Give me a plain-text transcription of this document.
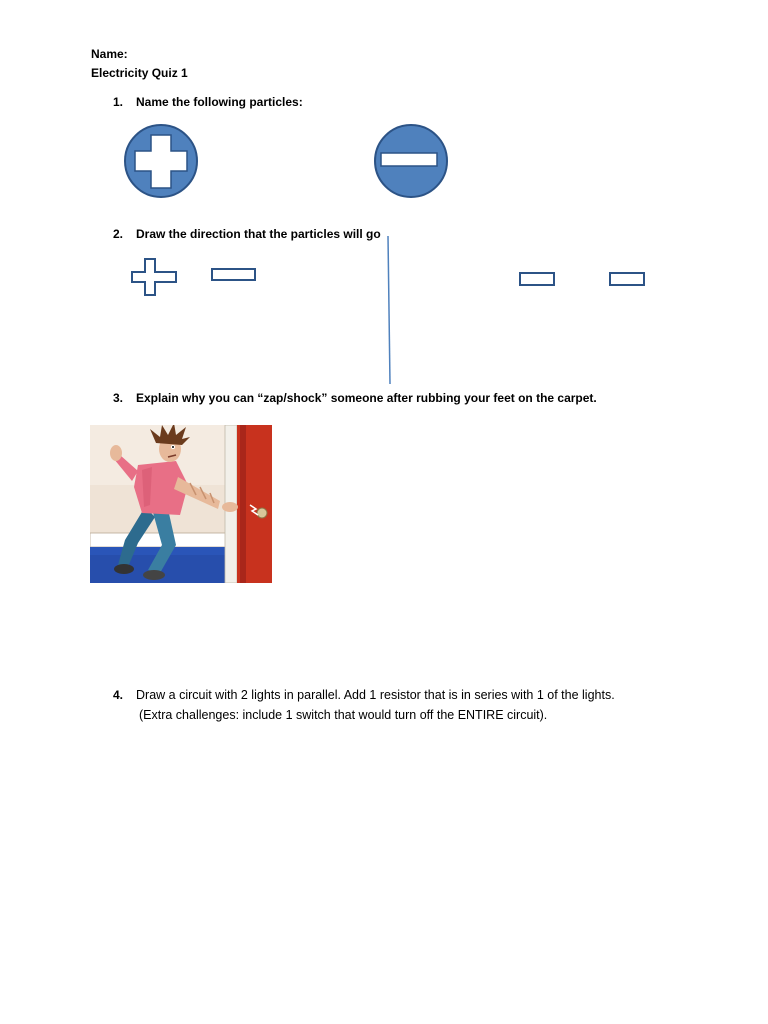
Name:
Electricity Quiz 1
1. Name the following particles:
2. Draw the direction that the particles will go
3. Explain why you can “zap/shock” someone after rubbing your feet on the carpet.
4. Draw a circuit with 2 lights in parallel. Add 1 resistor that is in series with 1 of the lights.
(Extra challenges: include 1 switch that would turn off the ENTIRE circuit).
